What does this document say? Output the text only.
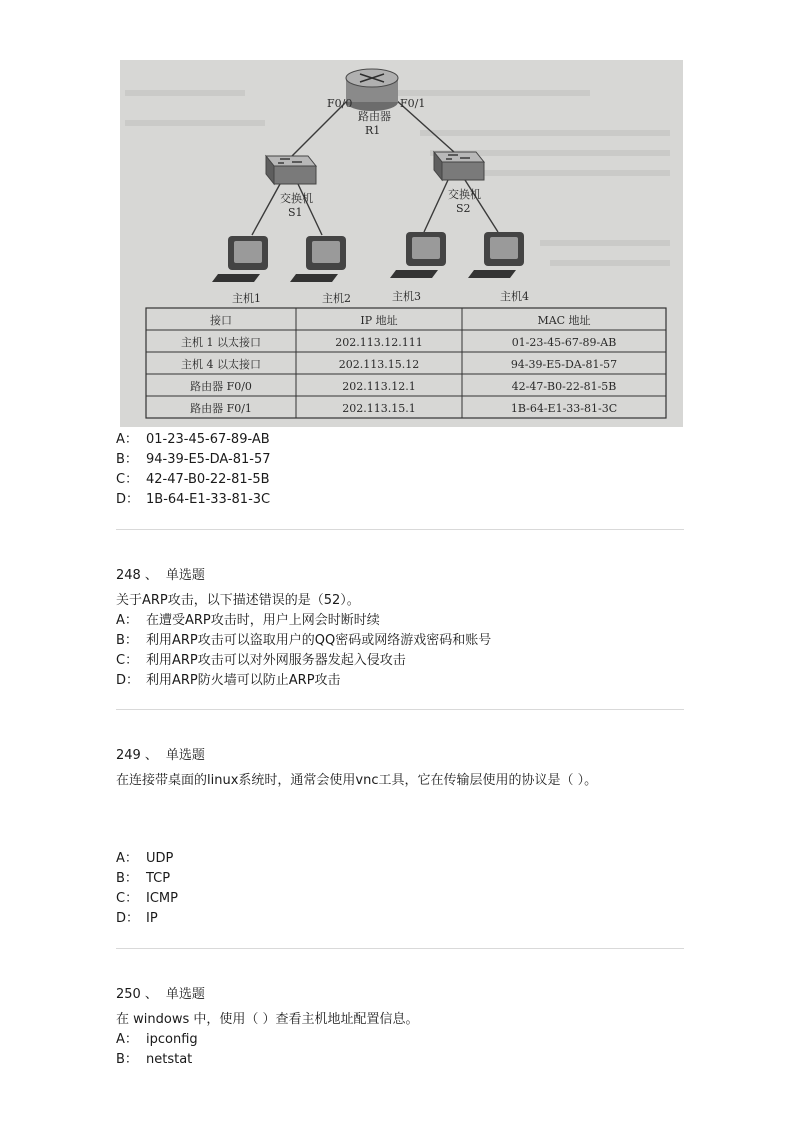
F0/0	F0/1
路由器
R1
交换机
S1
交换机
S2
主机1	主机2	主机3	主机4
接口	IP 地址	MAC 地址
主机 1 以太接口	202.113.12.111	01-23-45-67-89-AB
主机 4 以太接口	202.113.15.12	94-39-E5-DA-81-57
路由器 F0/0	202.113.12.1	42-47-B0-22-81-5B
路由器 F0/1	202.113.15.1	1B-64-E1-33-81-3C
A： 01-23-45-67-89-AB
B： 94-39-E5-DA-81-57
C： 42-47-B0-22-81-5B
D： 1B-64-E1-33-81-3C
248 、 单选题
关于ARP攻击，以下描述错误的是（52）。
A： 在遭受ARP攻击时，用户上网会时断时续
B： 利用ARP攻击可以盗取用户的QQ密码或网络游戏密码和账号
C： 利用ARP攻击可以对外网服务器发起入侵攻击
D： 利用ARP防火墙可以防止ARP攻击
249 、 单选题
在连接带桌面的linux系统时，通常会使用vnc工具，它在传输层使用的协议是（ ）。
A： UDP
B： TCP
C： ICMP
D： IP
250 、 单选题
在 windows 中，使用（ ）查看主机地址配置信息。
A： ipconfig
B： netstat
